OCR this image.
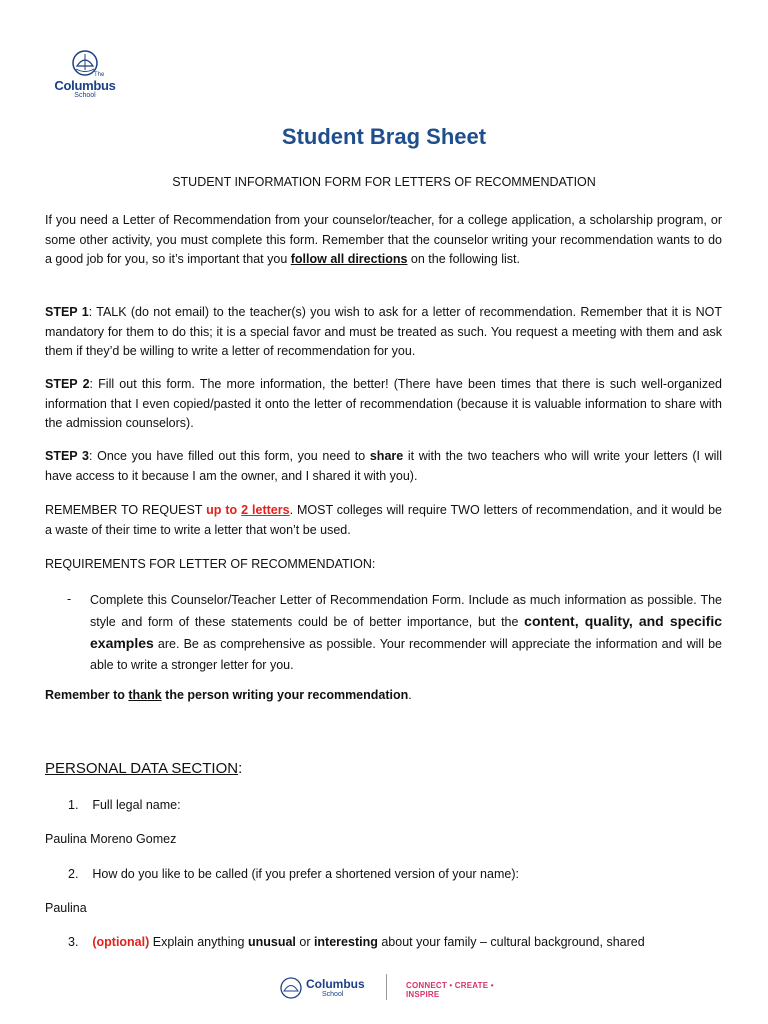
The
Columbus
School
Student Brag Sheet
STUDENT INFORMATION FORM FOR LETTERS OF RECOMMENDATION

If you need a Letter of Recommendation from your counselor/teacher, for a college application, a scholarship program, or some other activity, you must complete this form. Remember that the counselor writing your recommendation wants to do a good job for you, so it’s important that you follow all directions on the following list.

STEP 1: TALK (do not email) to the teacher(s) you wish to ask for a letter of recommendation. Remember that it is NOT mandatory for them to do this; it is a special favor and must be treated as such. You request a meeting with them and ask them if they’d be willing to write a letter of recommendation for you.

STEP 2: Fill out this form. The more information, the better! (There have been times that there is such well-organized information that I even copied/pasted it onto the letter of recommendation (because it is valuable information to share with the admission counselors).

STEP 3: Once you have filled out this form, you need to share it with the two teachers who will write your letters (I will have access to it because I am the owner, and I shared it with you).

REMEMBER TO REQUEST up to 2 letters. MOST colleges will require TWO letters of recommendation, and it would be a waste of their time to write a letter that won’t be used.

REQUIREMENTS FOR LETTER OF RECOMMENDATION:

- Complete this Counselor/Teacher Letter of Recommendation Form. Include as much information as possible. The style and form of these statements could be of better importance, but the content, quality, and specific examples are. Be as comprehensive as possible. Your recommender will appreciate the information and will be able to write a stronger letter for you.

Remember to thank the person writing your recommendation.

PERSONAL DATA SECTION:
1. Full legal name:
Paulina Moreno Gomez
2. How do you like to be called (if you prefer a shortened version of your name):
Paulina
3. (optional) Explain anything unusual or interesting about your family – cultural background, shared
Columbus
School
CONNECT • CREATE • INSPIRE
